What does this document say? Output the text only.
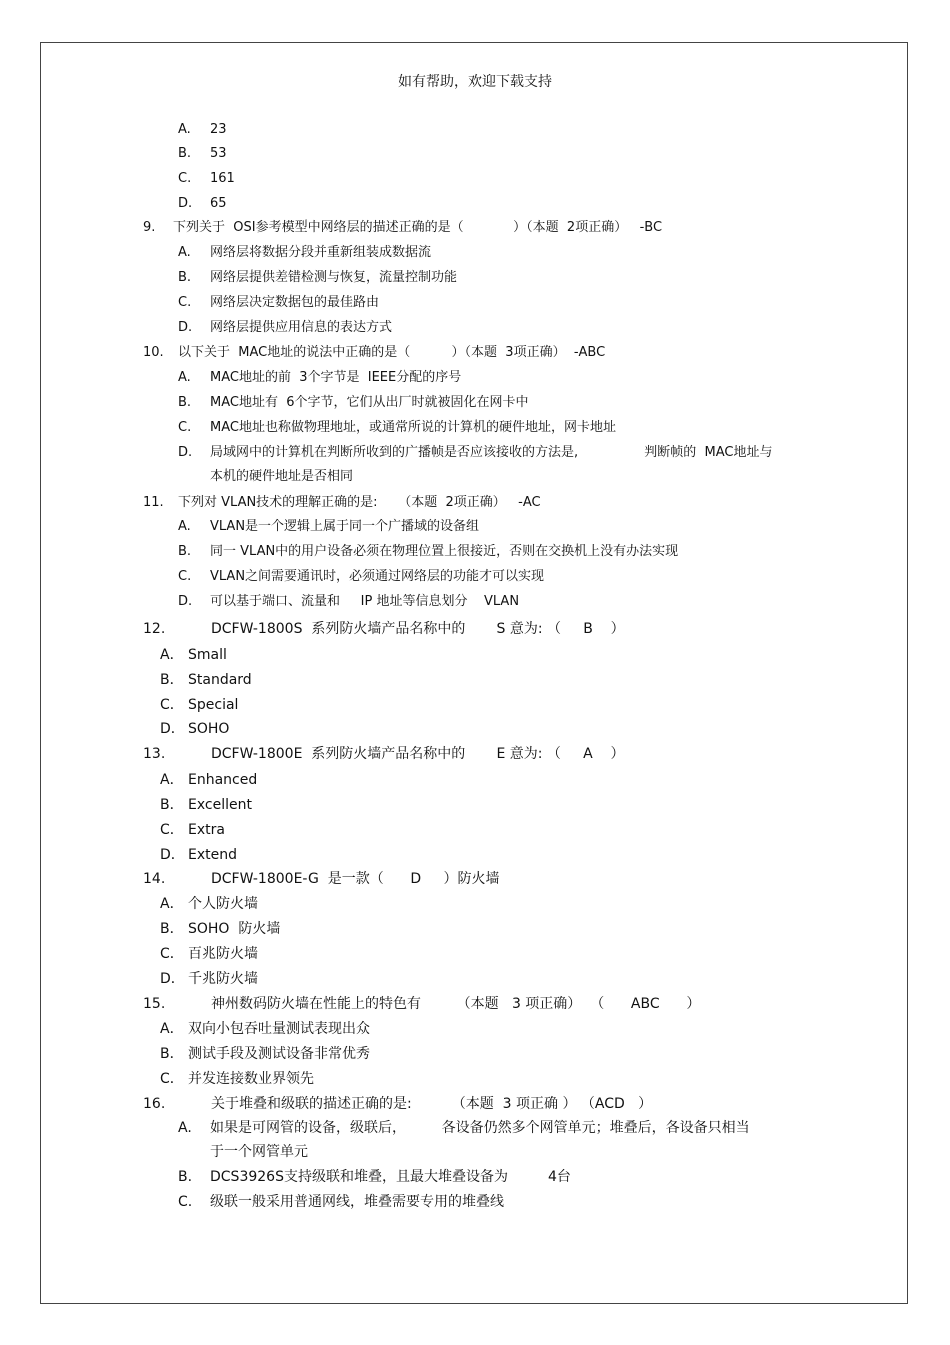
如有帮助，欢迎下载支持
A. 23
B. 53
C. 161
D. 65
9. 下列关于  OSI参考模型中网络层的描述正确的是（            ）（本题  2项正确）   -BC
A. 网络层将数据分段并重新组装成数据流
B. 网络层提供差错检测与恢复，流量控制功能
C. 网络层决定数据包的最佳路由
D. 网络层提供应用信息的表达方式
10. 以下关于  MAC地址的说法中正确的是（          ）（本题  3项正确）  -ABC
A. MAC地址的前  3个字节是  IEEE分配的序号
B. MAC地址有  6个字节，它们从出厂时就被固化在网卡中
C. MAC地址也称做物理地址，或通常所说的计算机的硬件地址，网卡地址
D. 局域网中的计算机在判断所收到的广播帧是否应该接收的方法是,                判断帧的  MAC地址与
本机的硬件地址是否相同
11. 下列对 VLAN技术的理解正确的是:     （本题  2项正确）   -AC
A. VLAN是一个逻辑上属于同一个广播域的设备组
B. 同一 VLAN中的用户设备必须在物理位置上很接近，否则在交换机上没有办法实现
C. VLAN之间需要通讯时，必须通过网络层的功能才可以实现
D. 可以基于端口、流量和     IP 地址等信息划分    VLAN
12.	DCFW-1800S  系列防火墙产品名称中的       S 意为: （     B    ）
A． Small
B． Standard
C． Special
D． SOHO
13.	DCFW-1800E  系列防火墙产品名称中的       E 意为: （     A    ）
A． Enhanced
B． Excellent
C． Extra
D． Extend
14.	DCFW-1800E-G  是一款（      D     ）防火墙
A． 个人防火墙
B． SOHO  防火墙
C． 百兆防火墙
D． 千兆防火墙
15.	神州数码防火墙在性能上的特色有        （本题   3 项正确）  （      ABC      ）
A． 双向小包吞吐量测试表现出众
B． 测试手段及测试设备非常优秀
C． 并发连接数业界领先
16.	关于堆叠和级联的描述正确的是:         （本题  3 项正确 ） （ACD   ）
A. 如果是可网管的设备，级联后，        各设备仍然多个网管单元；堆叠后，各设备只相当
于一个网管单元
B. DCS3926S支持级联和堆叠，且最大堆叠设备为         4台
C. 级联一般采用普通网线，堆叠需要专用的堆叠线
